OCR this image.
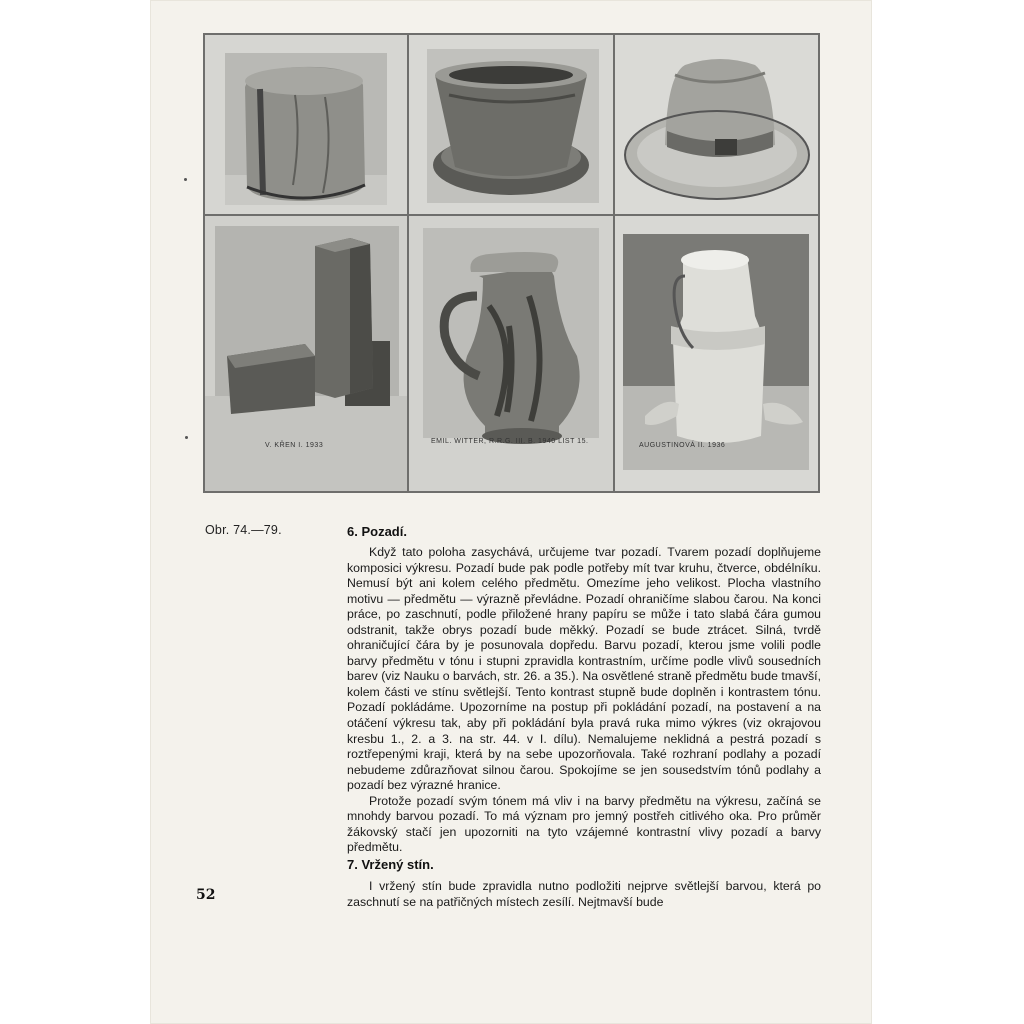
V. KŘEN I. 1933
EMIL. WITTER, R.R.G. III. B. 1940 LIST 15.
AUGUSTINOVÁ II. 1936
Obr. 74.—79.	6. Pozadí.

Když tato poloha zasychává, určujeme tvar pozadí. Tvarem pozadí doplňujeme komposici výkresu. Pozadí bude pak podle potřeby mít tvar kruhu, čtverce, obdélníku. Nemusí být ani kolem celého předmětu. Omezíme jeho velikost. Plocha vlastního motivu — předmětu — výrazně převládne. Pozadí ohraničíme slabou čarou. Na konci práce, po zaschnutí, podle přiložené hrany papíru se může i tato slabá čára gumou odstranit, takže obrys pozadí bude měkký. Pozadí se bude ztrácet. Silná, tvrdě ohraničující čára by je posunovala dopředu. Barvu pozadí, kterou jsme volili podle barvy předmětu v tónu i stupni zpravidla kontrastním, určíme podle vlivů sousedních barev (viz Nauku o barvách, str. 26. a 35.). Na osvětlené straně předmětu bude tmavší, kolem části ve stínu světlejší. Tento kontrast stupně bude doplněn i kontrastem tónu. Pozadí pokládáme. Upozorníme na postup při pokládání pozadí, na postavení a na otáčení výkresu tak, aby při pokládání byla pravá ruka mimo výkres (viz okrajovou kresbu 1., 2. a 3. na str. 44. v I. dílu). Nemalujeme neklidná a pestrá pozadí s roztřepenými kraji, která by na sebe upozorňovala. Také rozhraní podlahy a pozadí nebudeme zdůrazňovat silnou čarou. Spokojíme se jen sousedstvím tónů podlahy a pozadí bez výrazné hranice.

Protože pozadí svým tónem má vliv i na barvy předmětu na výkresu, začíná se mnohdy barvou pozadí. To má význam pro jemný postřeh citlivého oka. Pro průměr žákovský stačí jen upozorniti na tyto vzájemné kontrastní vlivy pozadí a barvy předmětu.

7. Vržený stín.

I vržený stín bude zpravidla nutno podložiti nejprve světlejší barvou, která po zaschnutí se na patřičných místech zesílí. Nejtmavší bude

52
